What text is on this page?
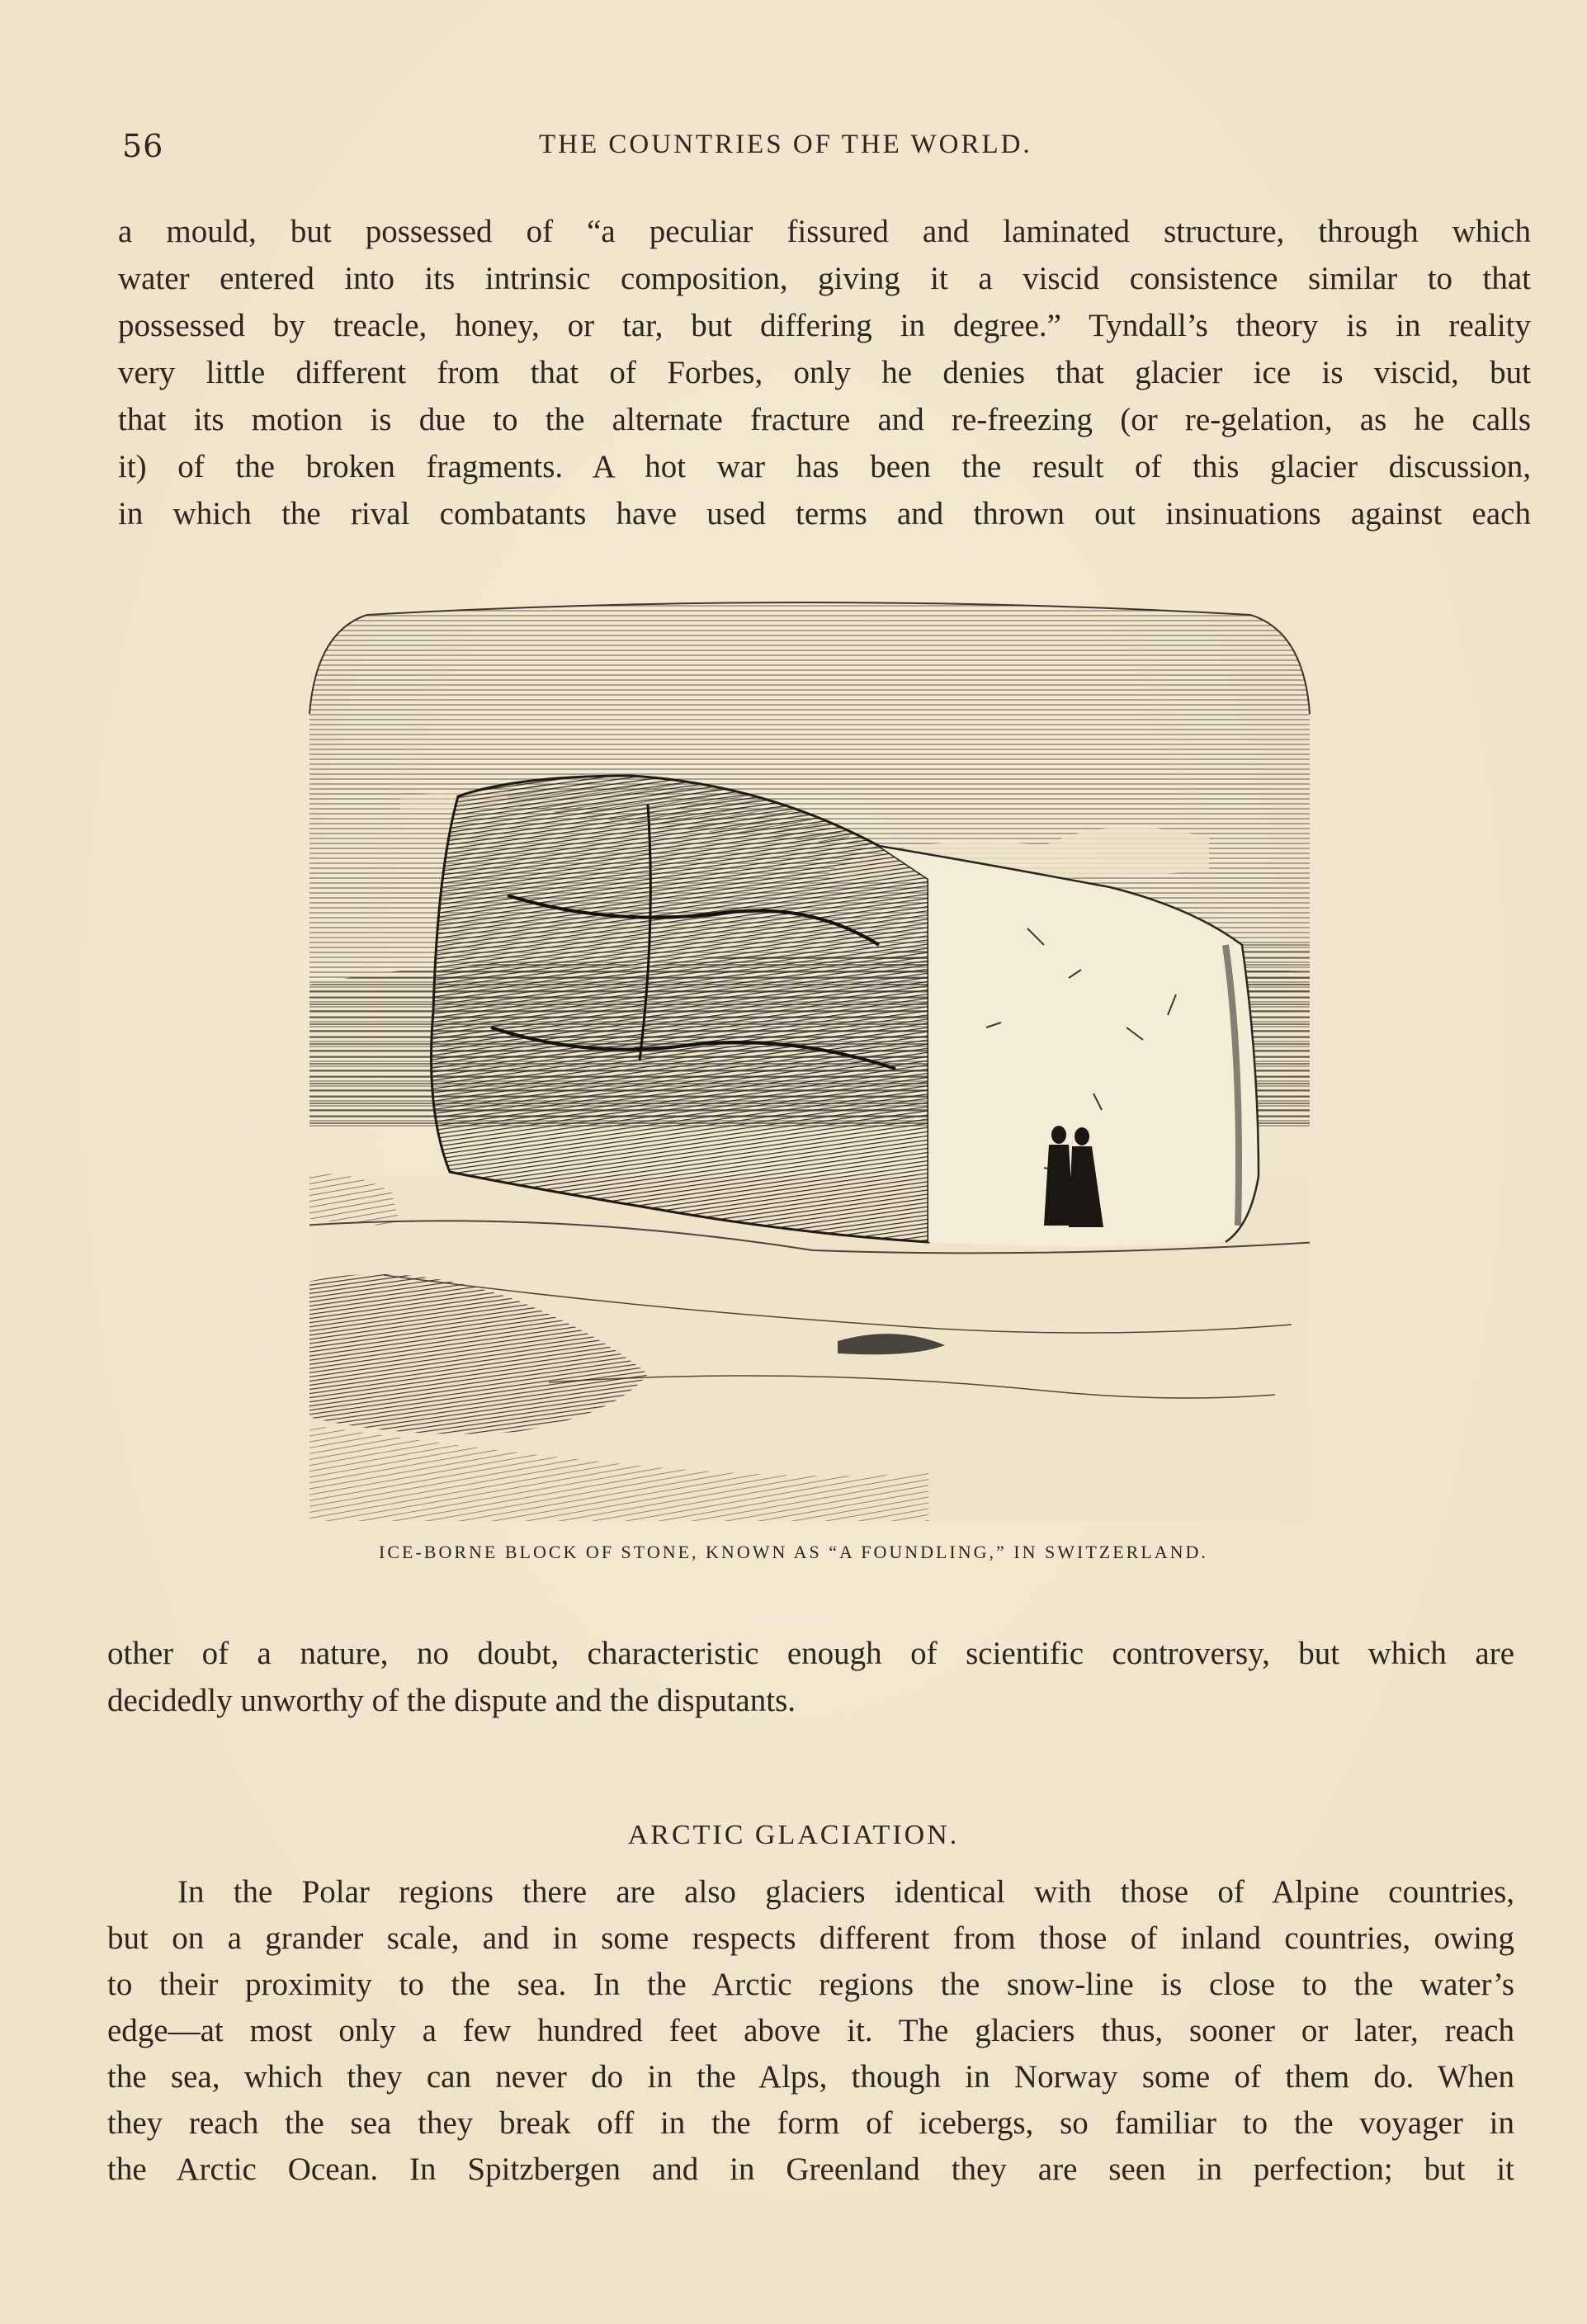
56	THE COUNTRIES OF THE WORLD.
a mould, but possessed of “a peculiar fissured and laminated structure, through which
water entered into its intrinsic composition, giving it a viscid consistence similar to that
possessed by treacle, honey, or tar, but differing in degree.” Tyndall’s theory is in reality
very little different from that of Forbes, only he denies that glacier ice is viscid, but
that its motion is due to the alternate fracture and re-freezing (or re-gelation, as he calls
it) of the broken fragments. A hot war has been the result of this glacier discussion,
in which the rival combatants have used terms and thrown out insinuations against each
ICE-BORNE BLOCK OF STONE, KNOWN AS “A FOUNDLING,” IN SWITZERLAND.
other of a nature, no doubt, characteristic enough of scientific controversy, but which are
decidedly unworthy of the dispute and the disputants.
ARCTIC GLACIATION.
In the Polar regions there are also glaciers identical with those of Alpine countries,
but on a grander scale, and in some respects different from those of inland countries, owing
to their proximity to the sea. In the Arctic regions the snow-line is close to the water’s
edge—at most only a few hundred feet above it. The glaciers thus, sooner or later, reach
the sea, which they can never do in the Alps, though in Norway some of them do. When
they reach the sea they break off in the form of icebergs, so familiar to the voyager in
the Arctic Ocean. In Spitzbergen and in Greenland they are seen in perfection; but it
